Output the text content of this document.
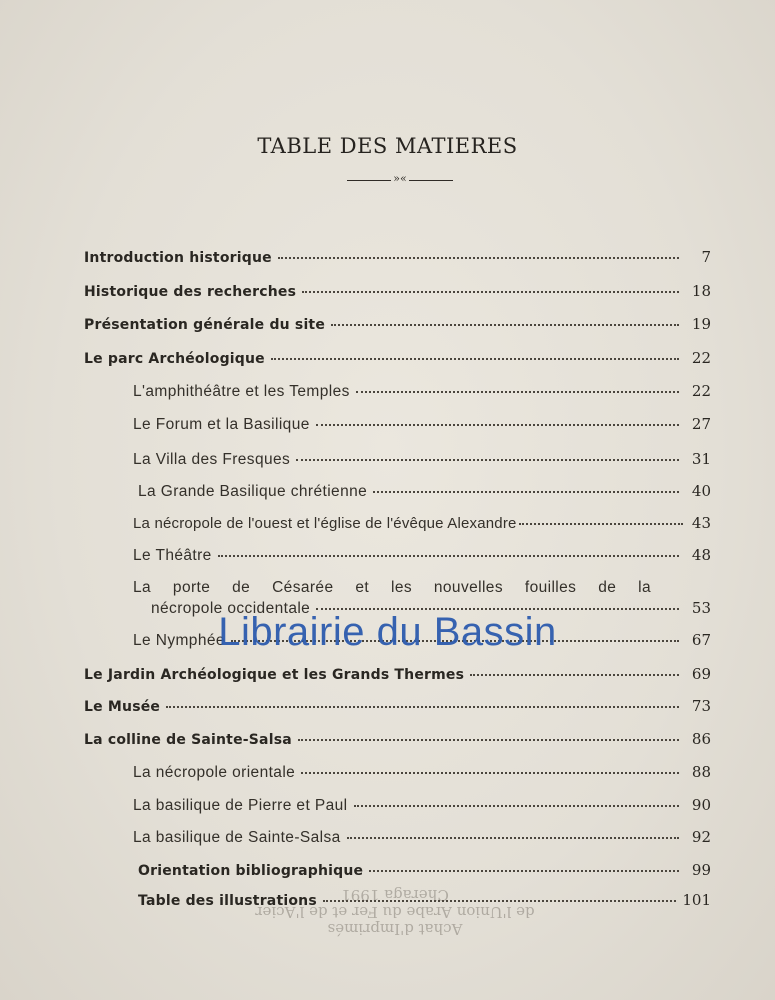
TABLE DES MATIERES
»«
Introduction historique	7
Historique des recherches	18
Présentation générale du site	19
Le parc Archéologique	22
L'amphithéâtre et les Temples	22
Le Forum et la Basilique	27
La Villa des Fresques	31
La Grande Basilique chrétienne	40
La nécropole de l'ouest et l'église de l'évêque Alexandre	43
Le Théâtre	48
La porte de Césarée et les nouvelles fouilles de la
nécropole occidentale	53
Le Nymphée	67
Le Jardin Archéologique et les Grands Thermes	69
Le Musée	73
La colline de Sainte-Salsa	86
La nécropole orientale	88
La basilique de Pierre et Paul	90
La basilique de Sainte-Salsa	92
Orientation bibliographique	99
Table des illustrations	101
Achat d'Imprimés
de l'Union Arabe du Fer et de l'Acier
Cheraga 1991
Librairie du Bassin
